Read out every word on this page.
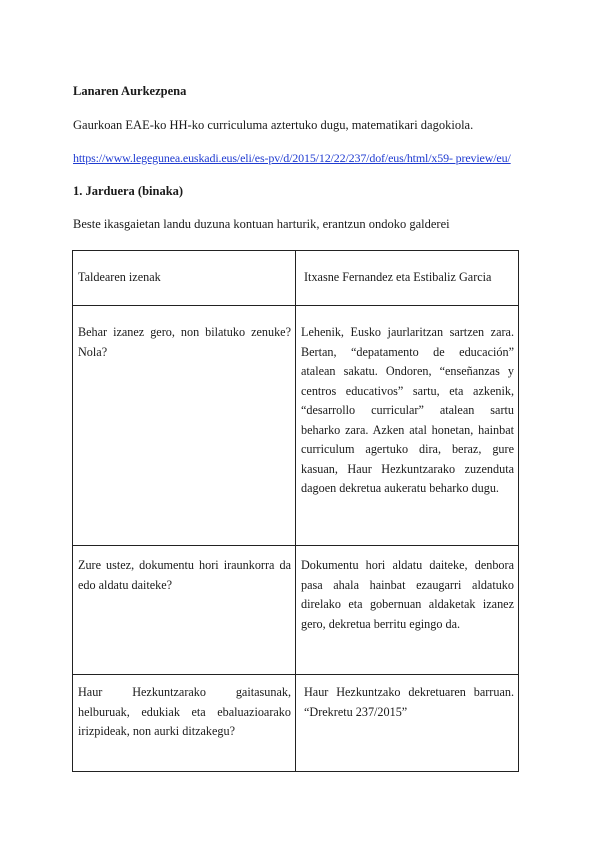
Lanaren Aurkezpena
Gaurkoan EAE-ko HH-ko curriculuma aztertuko dugu, matematikari dagokiola.
https://www.legegunea.euskadi.eus/eli/es-pv/d/2015/12/22/237/dof/eus/html/x59- preview/eu/
1. Jarduera (binaka)
Beste ikasgaietan landu duzuna kontuan harturik, erantzun ondoko galderei
Taldearen izenak	Itxasne Fernandez eta Estibaliz Garcia
Behar izanez gero, non bilatuko zenuke? Nola?	Lehenik, Eusko jaurlaritzan sartzen zara. Bertan, “depatamento de educación” atalean sakatu. Ondoren, “enseñanzas y centros educativos” sartu, eta azkenik, “desarrollo curricular” atalean sartu beharko zara. Azken atal honetan, hainbat curriculum agertuko dira, beraz, gure kasuan, Haur Hezkuntzarako zuzenduta dagoen dekretua aukeratu beharko dugu.
Zure ustez, dokumentu hori iraunkorra da edo aldatu daiteke?	Dokumentu hori aldatu daiteke, denbora pasa ahala hainbat ezaugarri aldatuko direlako eta gobernuan aldaketak izanez gero, dekretua berritu egingo da.
Haur Hezkuntzarako gaitasunak, helburuak, edukiak eta ebaluazioarako irizpideak, non aurki ditzakegu?	Haur Hezkuntzako dekretuaren barruan. “Drekretu 237/2015”
